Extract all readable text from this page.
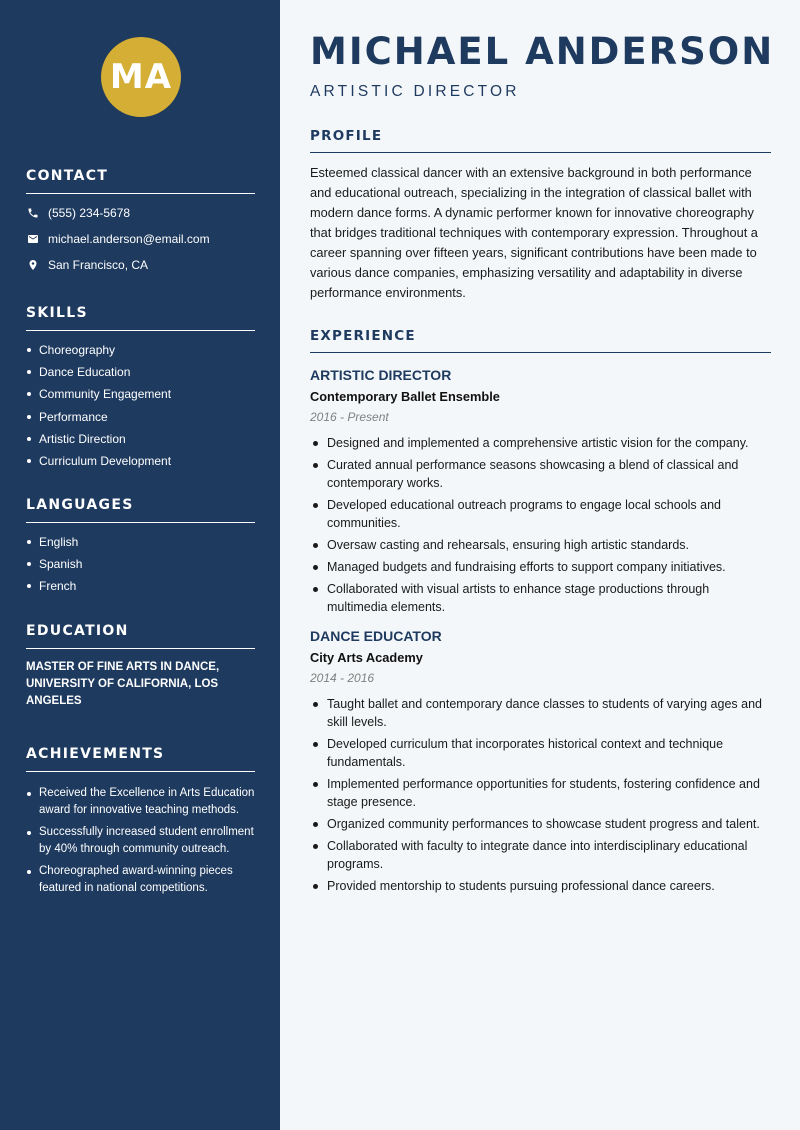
MA
CONTACT
(555) 234-5678
michael.anderson@email.com
San Francisco, CA
SKILLS
Choreography
Dance Education
Community Engagement
Performance
Artistic Direction
Curriculum Development
LANGUAGES
English
Spanish
French
EDUCATION

MASTER OF FINE ARTS IN DANCE, UNIVERSITY OF CALIFORNIA, LOS ANGELES

ACHIEVEMENTS
Received the Excellence in Arts Education award for innovative teaching methods.
Successfully increased student enrollment by 40% through community outreach.
Choreographed award-winning pieces featured in national competitions.
MICHAEL ANDERSON
ARTISTIC DIRECTOR
PROFILE

Esteemed classical dancer with an extensive background in both performance and educational outreach, specializing in the integration of classical ballet with modern dance forms. A dynamic performer known for innovative choreography that bridges traditional techniques with contemporary expression. Throughout a career spanning over fifteen years, significant contributions have been made to various dance companies, emphasizing versatility and adaptability in diverse performance environments.

EXPERIENCE
ARTISTIC DIRECTOR
Contemporary Ballet Ensemble
2016 - Present
Designed and implemented a comprehensive artistic vision for the company.
Curated annual performance seasons showcasing a blend of classical and contemporary works.
Developed educational outreach programs to engage local schools and communities.
Oversaw casting and rehearsals, ensuring high artistic standards.
Managed budgets and fundraising efforts to support company initiatives.
Collaborated with visual artists to enhance stage productions through multimedia elements.
DANCE EDUCATOR
City Arts Academy
2014 - 2016
Taught ballet and contemporary dance classes to students of varying ages and skill levels.
Developed curriculum that incorporates historical context and technique fundamentals.
Implemented performance opportunities for students, fostering confidence and stage presence.
Organized community performances to showcase student progress and talent.
Collaborated with faculty to integrate dance into interdisciplinary educational programs.
Provided mentorship to students pursuing professional dance careers.
